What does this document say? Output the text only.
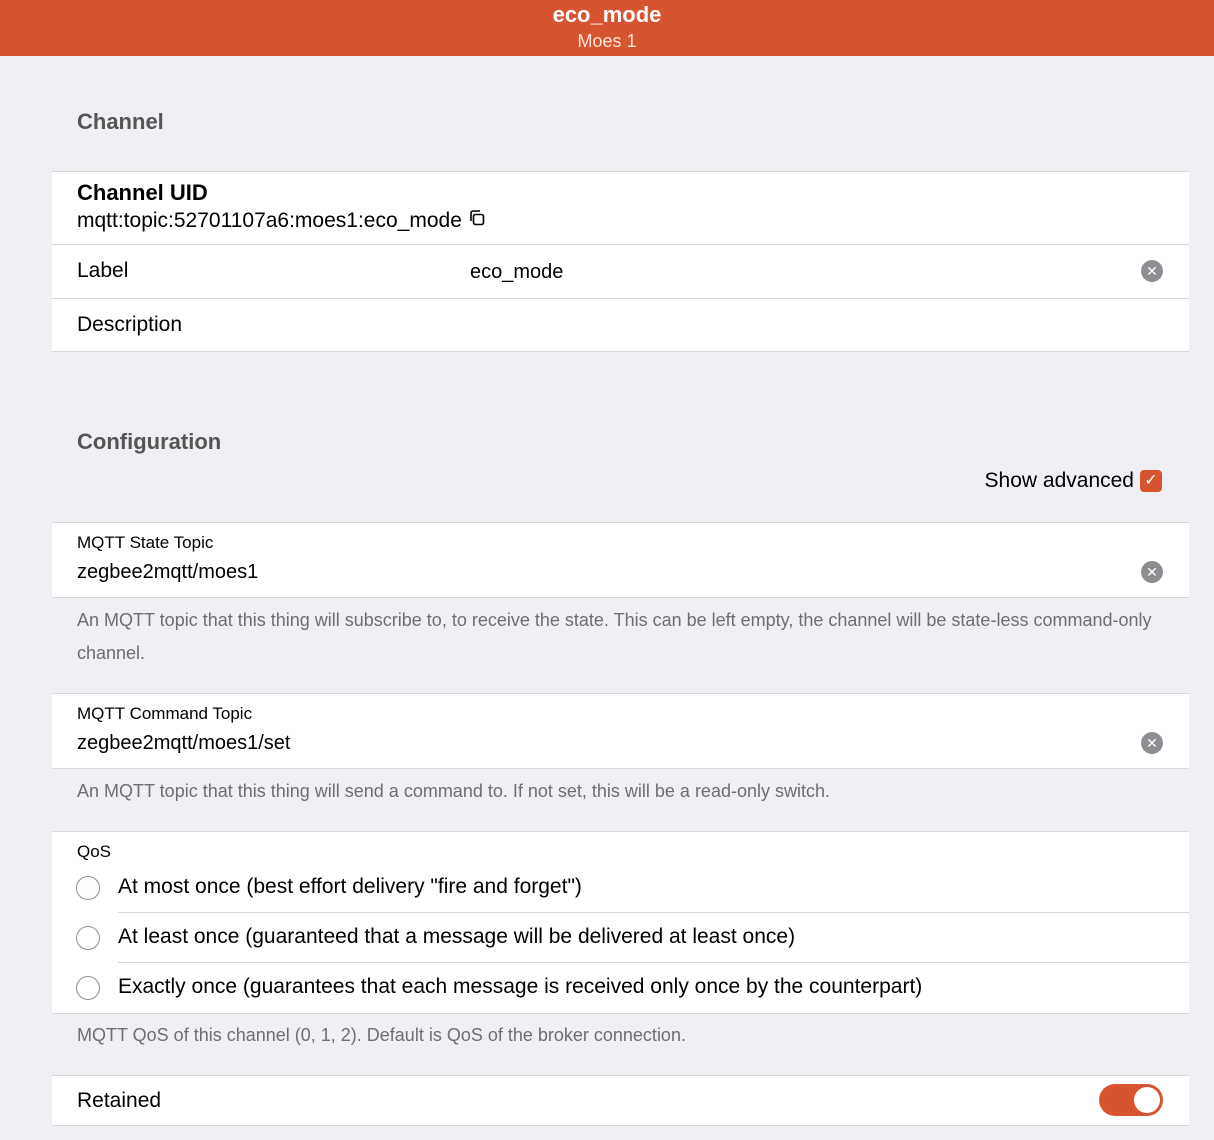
eco_mode
Moes 1
Channel
Channel UID
mqtt:topic:52701107a6:moes1:eco_mode
Label	eco_mode	✕
Description
Configuration
Show advanced ✓
MQTT State Topic
zegbee2mqtt/moes1	✕
An MQTT topic that this thing will subscribe to, to receive the state. This can be left empty, the channel will be state-less command-only channel.
MQTT Command Topic
zegbee2mqtt/moes1/set	✕
An MQTT topic that this thing will send a command to. If not set, this will be a read-only switch.
QoS
At most once (best effort delivery "fire and forget")
At least once (guaranteed that a message will be delivered at least once)
Exactly once (guarantees that each message is received only once by the counterpart)
MQTT QoS of this channel (0, 1, 2). Default is QoS of the broker connection.
Retained
